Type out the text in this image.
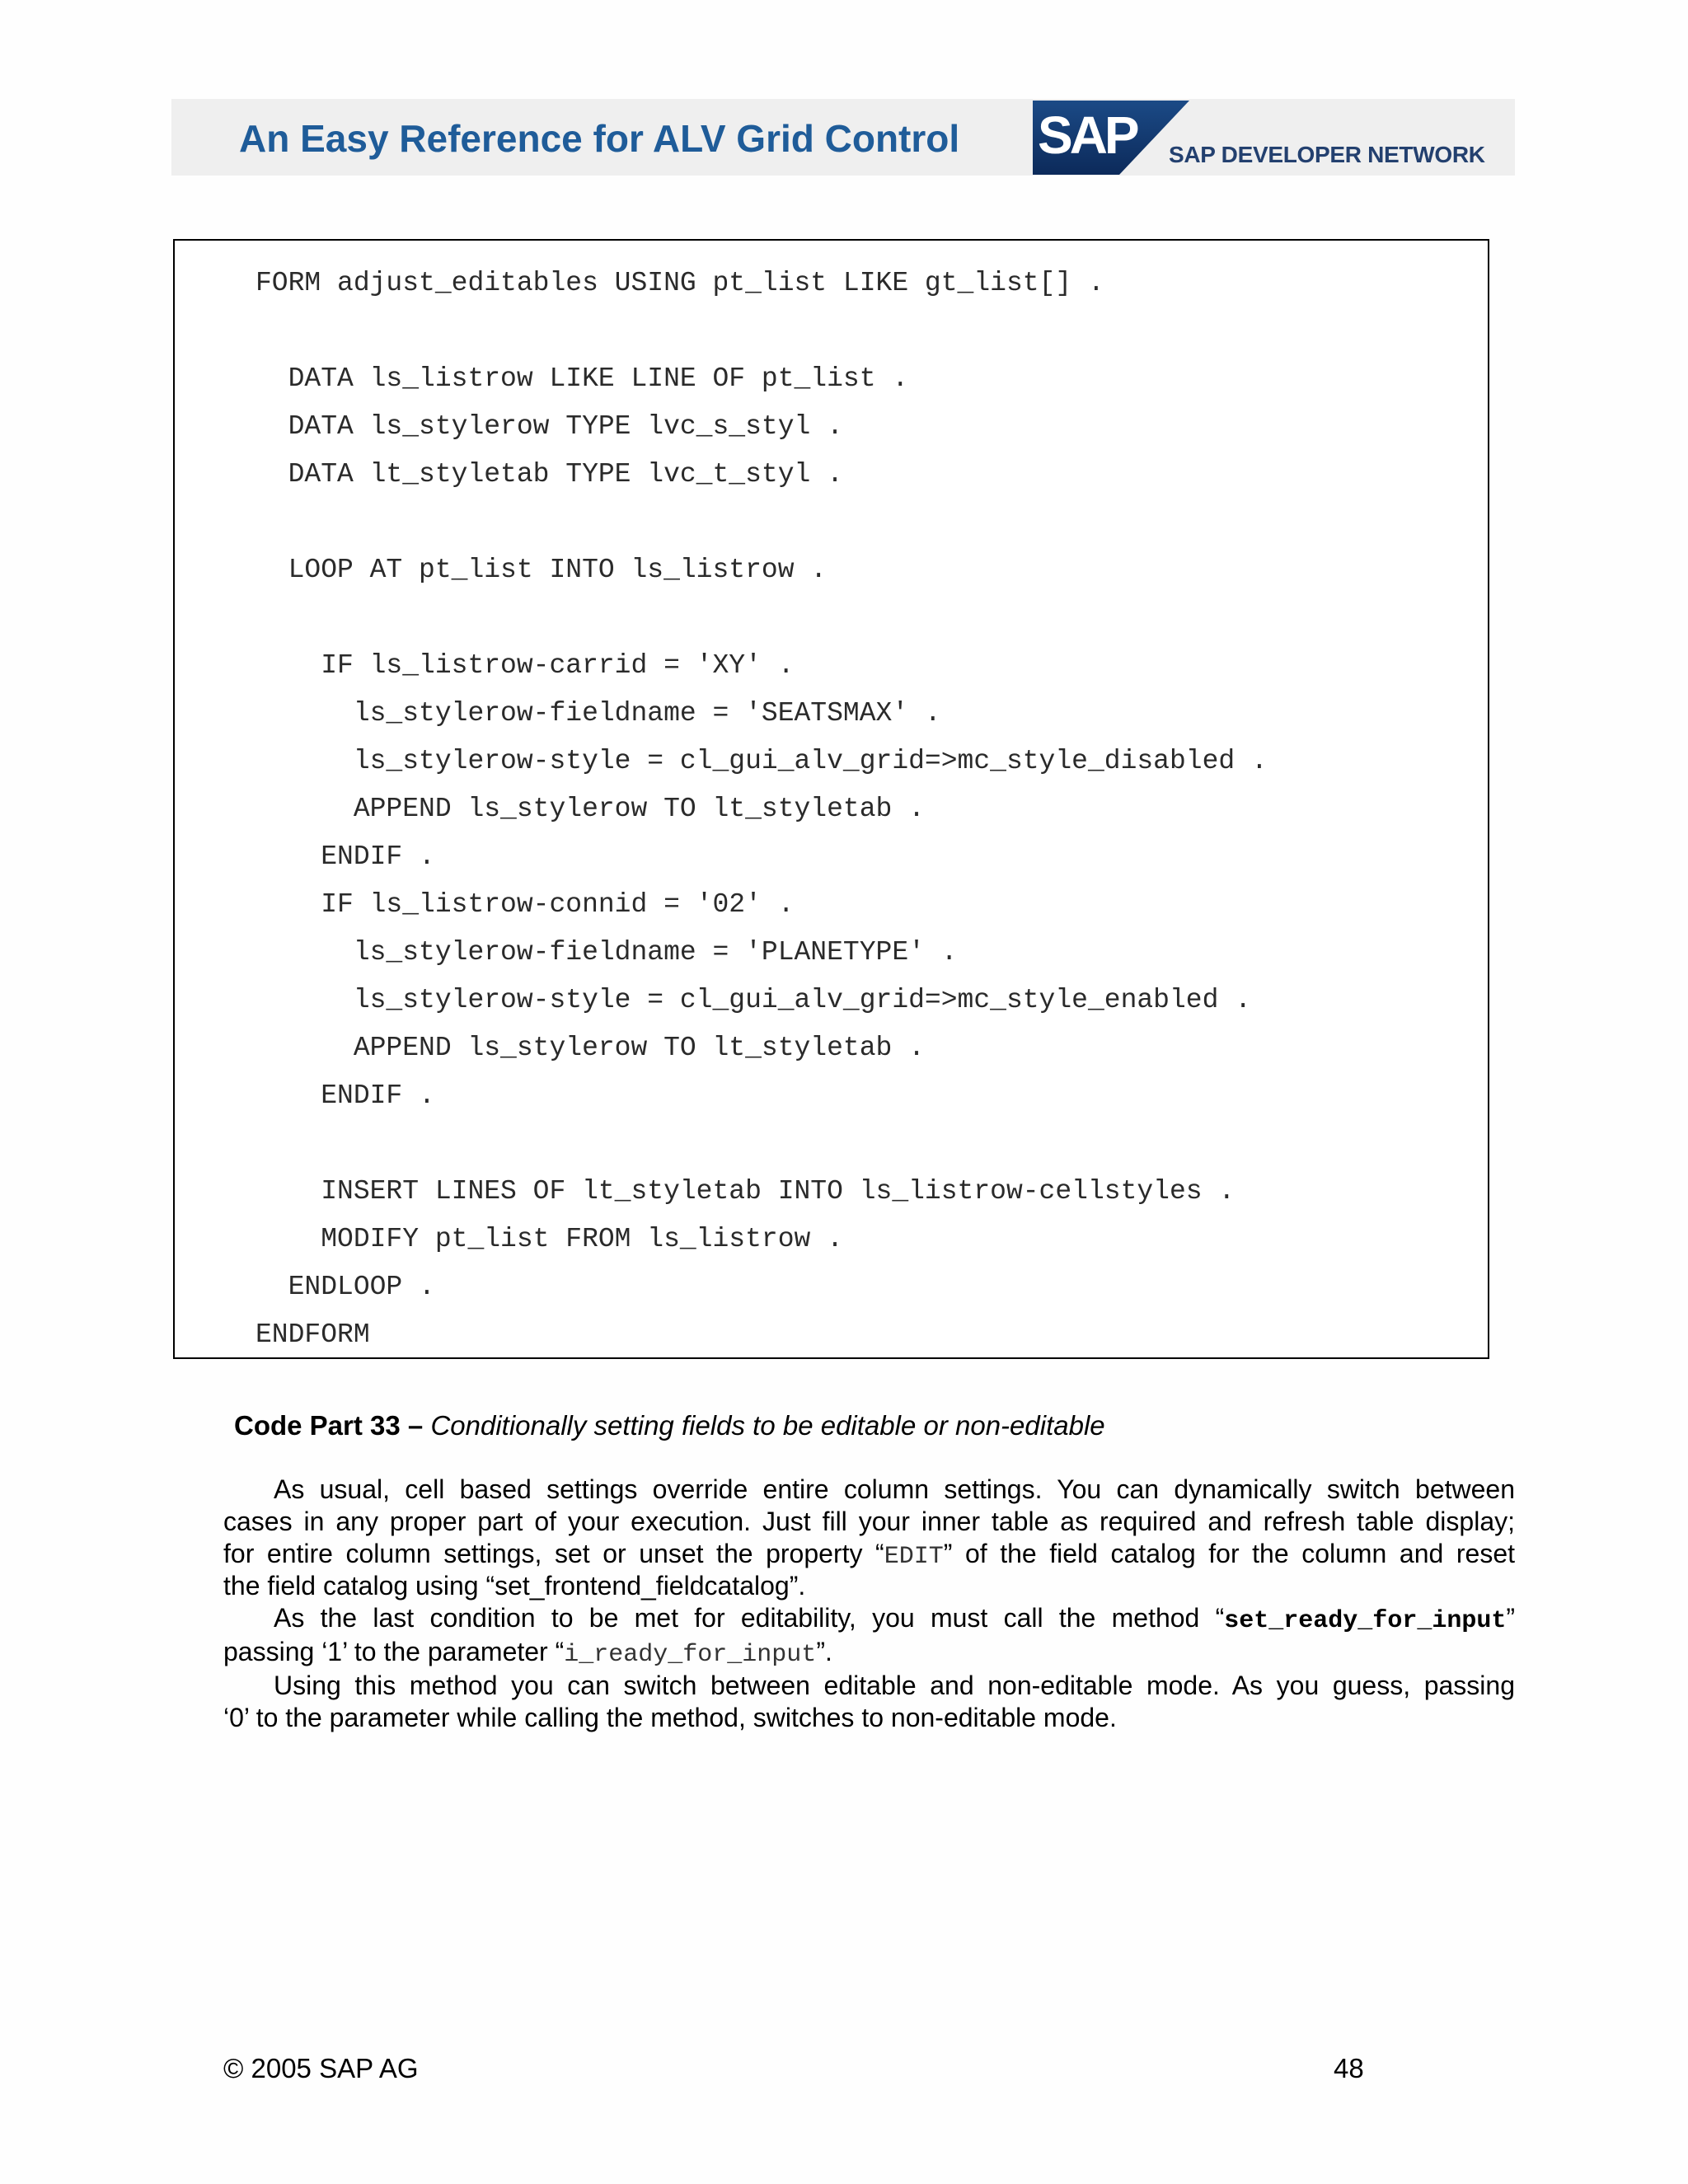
An Easy Reference for ALV Grid Control SAP SAP DEVELOPER NETWORK
FORM adjust_editables USING pt_list LIKE gt_list[] .
DATA ls_listrow LIKE LINE OF pt_list .
DATA ls_stylerow TYPE lvc_s_styl .
DATA lt_styletab TYPE lvc_t_styl .
LOOP AT pt_list INTO ls_listrow .
IF ls_listrow-carrid = 'XY' .
ls_stylerow-fieldname = 'SEATSMAX' .
ls_stylerow-style = cl_gui_alv_grid=>mc_style_disabled .
APPEND ls_stylerow TO lt_styletab .
ENDIF .
IF ls_listrow-connid = '02' .
ls_stylerow-fieldname = 'PLANETYPE' .
ls_stylerow-style = cl_gui_alv_grid=>mc_style_enabled .
APPEND ls_stylerow TO lt_styletab .
ENDIF .
INSERT LINES OF lt_styletab INTO ls_listrow-cellstyles .
MODIFY pt_list FROM ls_listrow .
ENDLOOP .
ENDFORM
Code Part 33 – Conditionally setting fields to be editable or non-editable
As usual, cell based settings override entire column settings. You can dynamically switch between
cases in any proper part of your execution. Just fill your inner table as required and refresh table display;
for entire column settings, set or unset the property “EDIT” of the field catalog for the column and reset
the field catalog using “set_frontend_fieldcatalog”.
As the last condition to be met for editability, you must call the method “set_ready_for_input”
passing ‘1’ to the parameter “i_ready_for_input”.
Using this method you can switch between editable and non-editable mode. As you guess, passing
‘0’ to the parameter while calling the method, switches to non-editable mode.
© 2005 SAP AG	48
